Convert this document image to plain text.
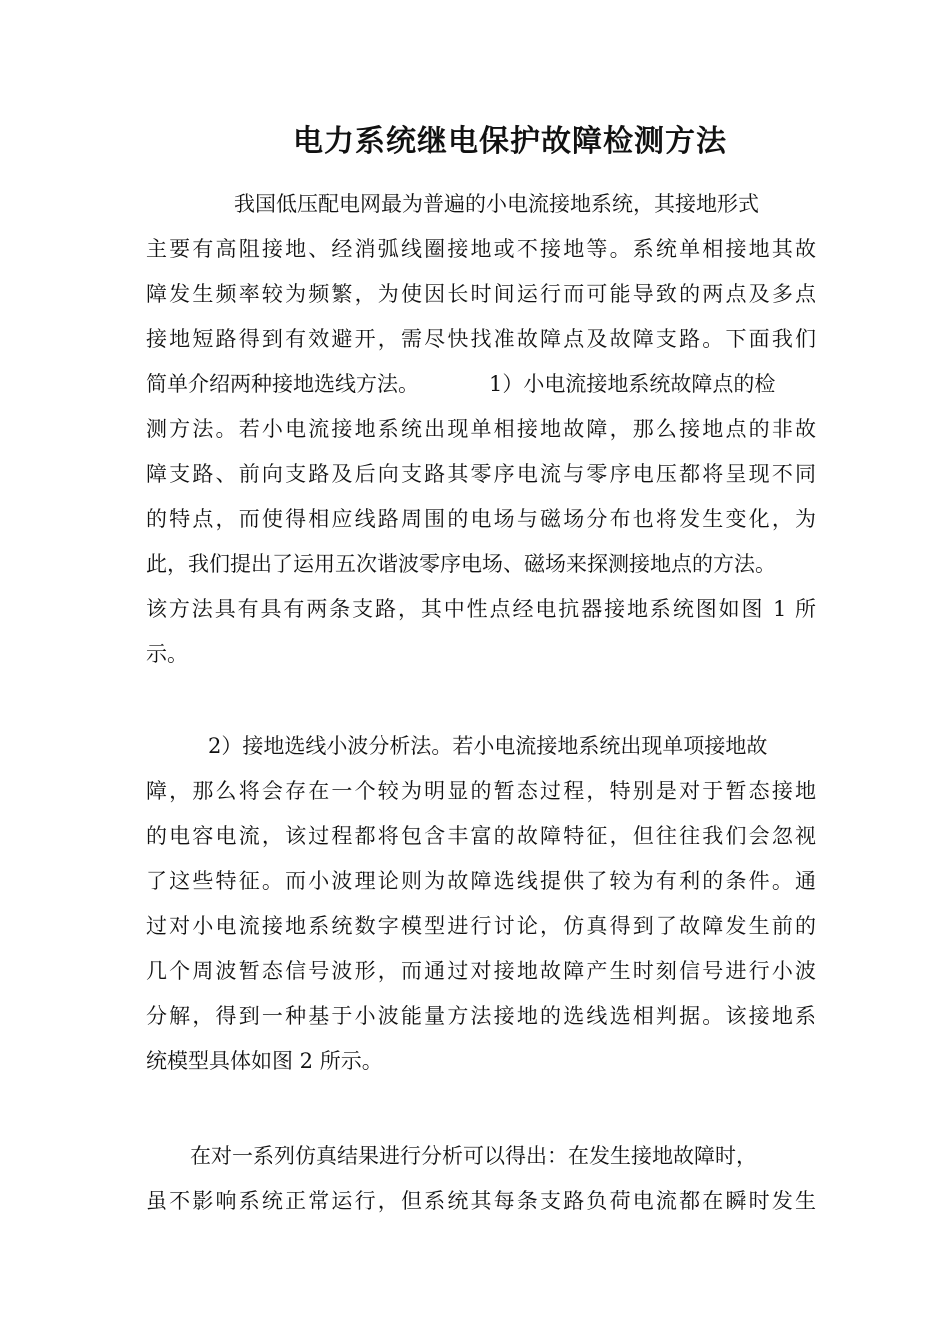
电力系统继电保护故障检测方法
我国低压配电网最为普遍的小电流接地系统，其接地形式
主要有高阻接地、经消弧线圈接地或不接地等。系统单相接地其故
障发生频率较为频繁，为使因长时间运行而可能导致的两点及多点
接地短路得到有效避开，需尽快找准故障点及故障支路。下面我们
简单介绍两种接地选线方法。	1）小电流接地系统故障点的检
测方法。若小电流接地系统出现单相接地故障，那么接地点的非故
障支路、前向支路及后向支路其零序电流与零序电压都将呈现不同
的特点，而使得相应线路周围的电场与磁场分布也将发生变化，为
此，我们提出了运用五次谐波零序电场、磁场来探测接地点的方法。
该方法具有具有两条支路，其中性点经电抗器接地系统图如图 1 所
示。
2）接地选线小波分析法。若小电流接地系统出现单项接地故
障，那么将会存在一个较为明显的暂态过程，特别是对于暂态接地
的电容电流，该过程都将包含丰富的故障特征，但往往我们会忽视
了这些特征。而小波理论则为故障选线提供了较为有利的条件。通
过对小电流接地系统数字模型进行讨论，仿真得到了故障发生前的
几个周波暂态信号波形，而通过对接地故障产生时刻信号进行小波
分解，得到一种基于小波能量方法接地的选线选相判据。该接地系
统模型具体如图 2 所示。
在对一系列仿真结果进行分析可以得出：在发生接地故障时，
虽不影响系统正常运行，但系统其每条支路负荷电流都在瞬时发生
